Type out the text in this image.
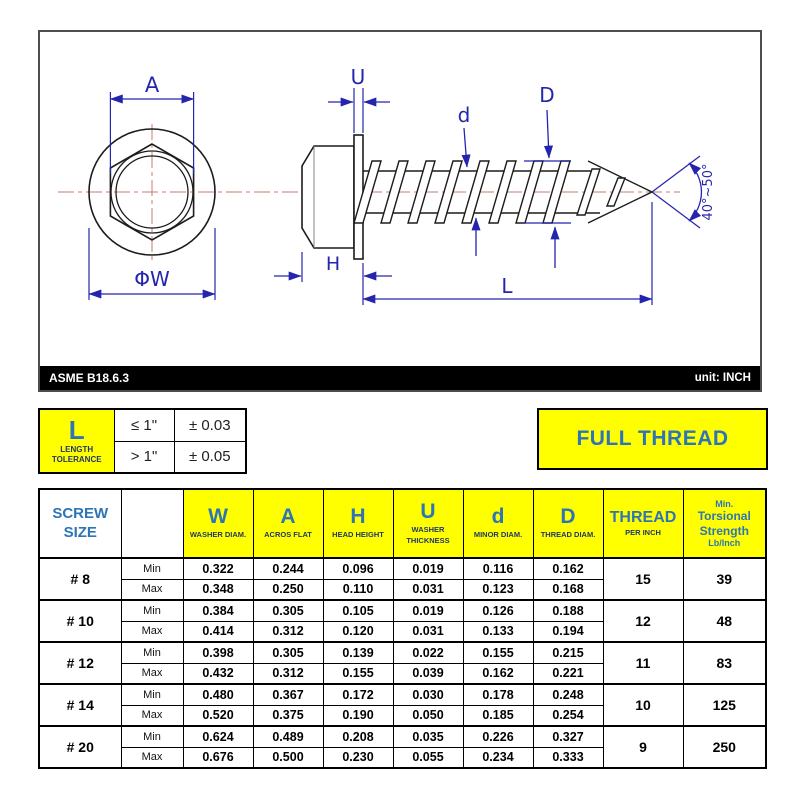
A
ΦW
U
d
D
H
L
40°~50°
ASME B18.6.3	unit: INCH
L
LENGTH
TOLERANCE	≤ 1"	± 0.03
	> 1"	± 0.05
FULL THREAD
SCREW
SIZE

W
WASHER DIAM.

A
ACROS FLAT

H
HEAD HEIGHT

U
WASHER THICKNESS

d
MINOR DIAM.

D
THREAD DIAM.

THREAD
PER INCH

Min.
Torsional
Strength
Lb/Inch

# 8	Min	0.322	0.244	0.096	0.019	0.116	0.162	15	39
	Max	0.348	0.250	0.110	0.031	0.123	0.168		
# 10	Min	0.384	0.305	0.105	0.019	0.126	0.188	12	48
	Max	0.414	0.312	0.120	0.031	0.133	0.194		
# 12	Min	0.398	0.305	0.139	0.022	0.155	0.215	11	83
	Max	0.432	0.312	0.155	0.039	0.162	0.221		
# 14	Min	0.480	0.367	0.172	0.030	0.178	0.248	10	125
	Max	0.520	0.375	0.190	0.050	0.185	0.254		
# 20	Min	0.624	0.489	0.208	0.035	0.226	0.327	9	250
	Max	0.676	0.500	0.230	0.055	0.234	0.333		
